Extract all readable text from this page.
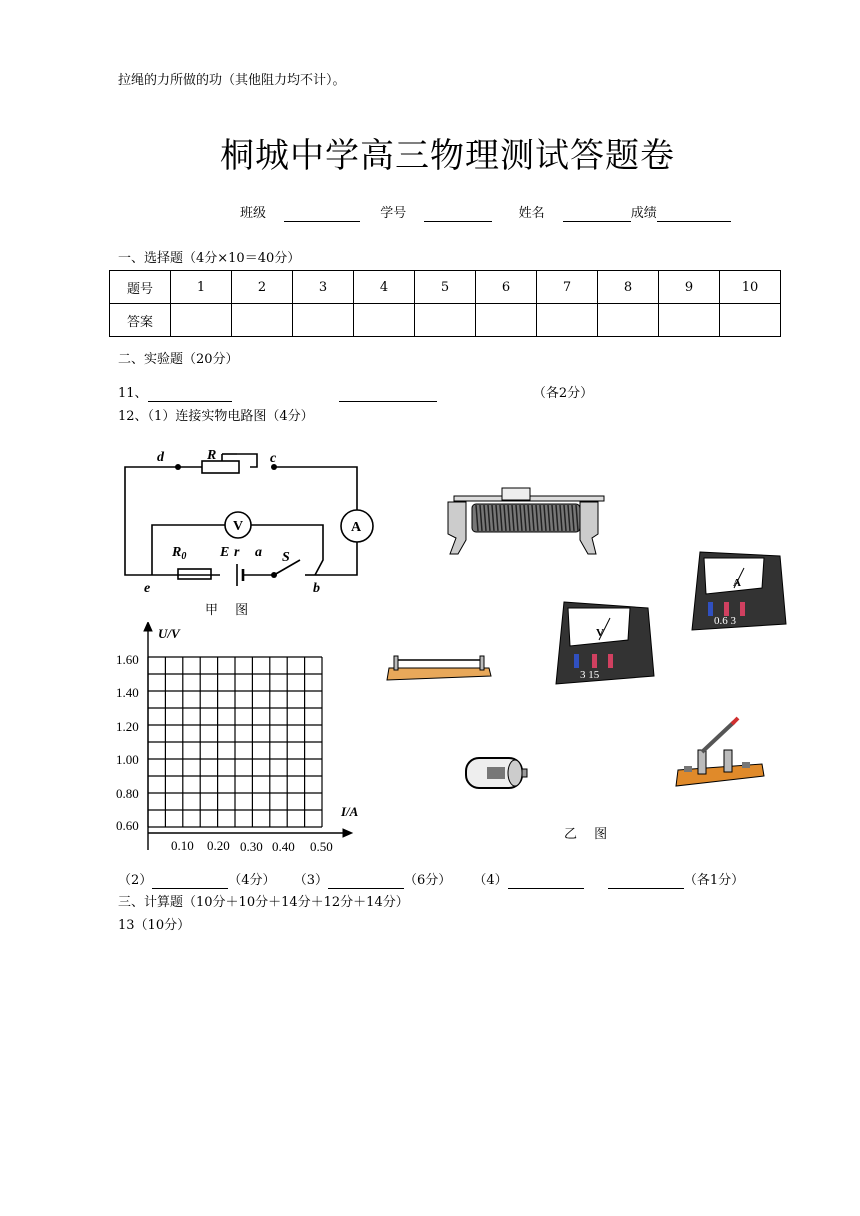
拉绳的力所做的功（其他阻力均不计）。
桐城中学高三物理测试答题卷
班级	学号	姓名	成绩
一、选择题（4分×10＝40分）
题号	1	2	3	4	5	6	7	8	9	10
答案										
二、实验题（20分）
11、	（各2分）
12、（1）连接实物电路图（4分）
d	R	c
V	A
$R_0$ E r a S
e	b
甲　 图
U/V
I/A
1.60
1.40
1.20
1.00
0.80
0.60
0.10 0.20 0.30 0.40 0.50
V
3 15
A
0.6 3
乙　 图
（2）	（4分） （3）	（6分） （4）	（各1分）
三、计算题（10分＋10分＋14分＋12分＋14分）
13（10分）
